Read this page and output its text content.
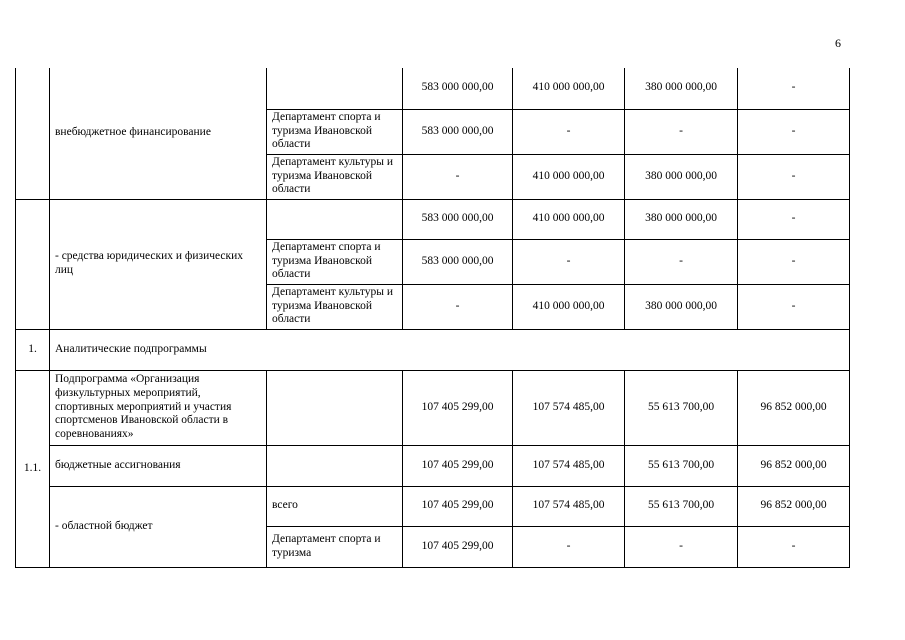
6
	внебюджетное финансирование		583 000 000,00	410 000 000,00	380 000 000,00	-
		Департамент спорта и туризма Ивановской области	583 000 000,00	-	-	-
		Департамент культуры и туризма Ивановской области	-	410 000 000,00	380 000 000,00	-
	- средства юридических и физических лиц		583 000 000,00	410 000 000,00	380 000 000,00	-
		Департамент спорта и туризма Ивановской области	583 000 000,00	-	-	-
		Департамент культуры и туризма Ивановской области	-	410 000 000,00	380 000 000,00	-
1.	Аналитические подпрограммы					
1.1.	Подпрограмма «Организация физкультурных мероприятий, спортивных мероприятий и участия спортсменов Ивановской области в соревнованиях»		107 405 299,00	107 574 485,00	55 613 700,00	96 852 000,00
	бюджетные ассигнования		107 405 299,00	107 574 485,00	55 613 700,00	96 852 000,00
	- областной бюджет	всего	107 405 299,00	107 574 485,00	55 613 700,00	96 852 000,00
		Департамент спорта и туризма	107 405 299,00	-	-	-
